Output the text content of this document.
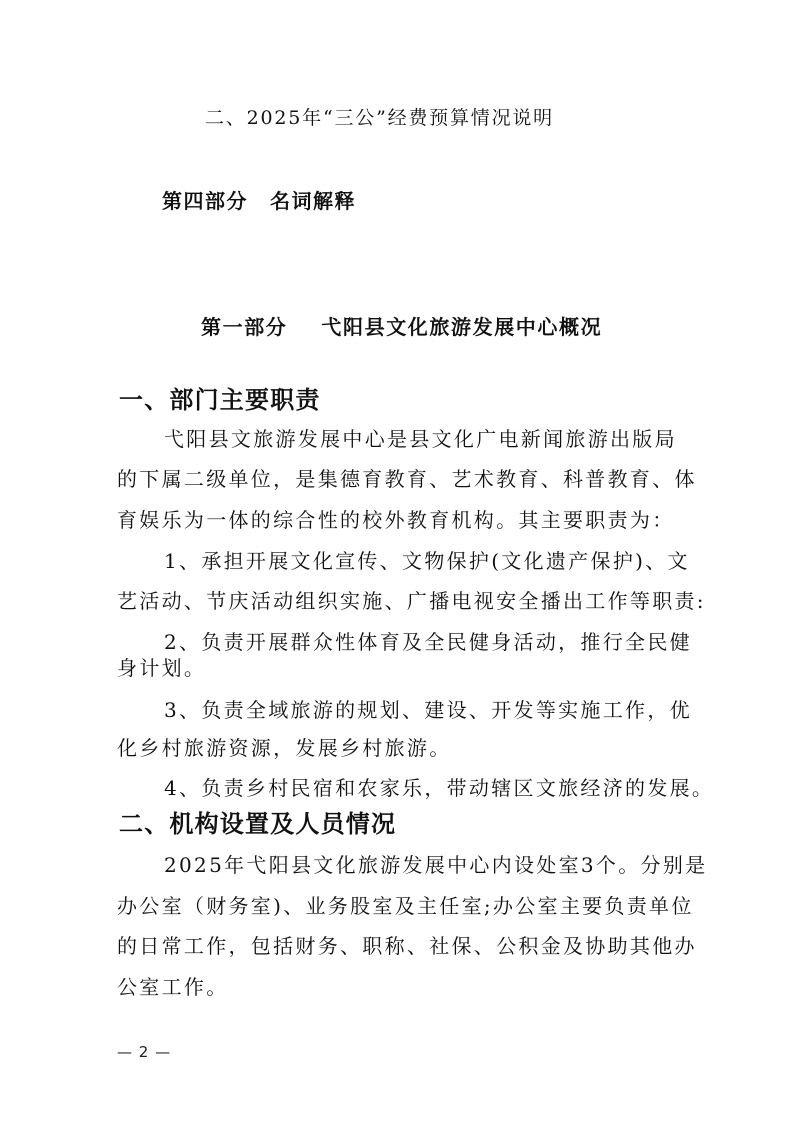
二、2025年“三公”经费预算情况说明
第四部分 名词解释
第一部分 弋阳县文化旅游发展中心概况
一、部门主要职责
弋阳县文旅游发展中心是县文化广电新闻旅游出版局
的下属二级单位，是集德育教育、艺术教育、科普教育、体
育娱乐为一体的综合性的校外教育机构。其主要职责为：
1、承担开展文化宣传、文物保护(文化遗产保护)、文
艺活动、节庆活动组织实施、广播电视安全播出工作等职责:
2、负责开展群众性体育及全民健身活动，推行全民健
身计划。
3、负责全域旅游的规划、建设、开发等实施工作，优
化乡村旅游资源，发展乡村旅游。
4、负责乡村民宿和农家乐，带动辖区文旅经济的发展。
二、机构设置及人员情况
2025年弋阳县文化旅游发展中心内设处室3个。分别是
办公室（财务室)、业务股室及主任室;办公室主要负责单位
的日常工作，包括财务、职称、社保、公积金及协助其他办
公室工作。
— 2 —
